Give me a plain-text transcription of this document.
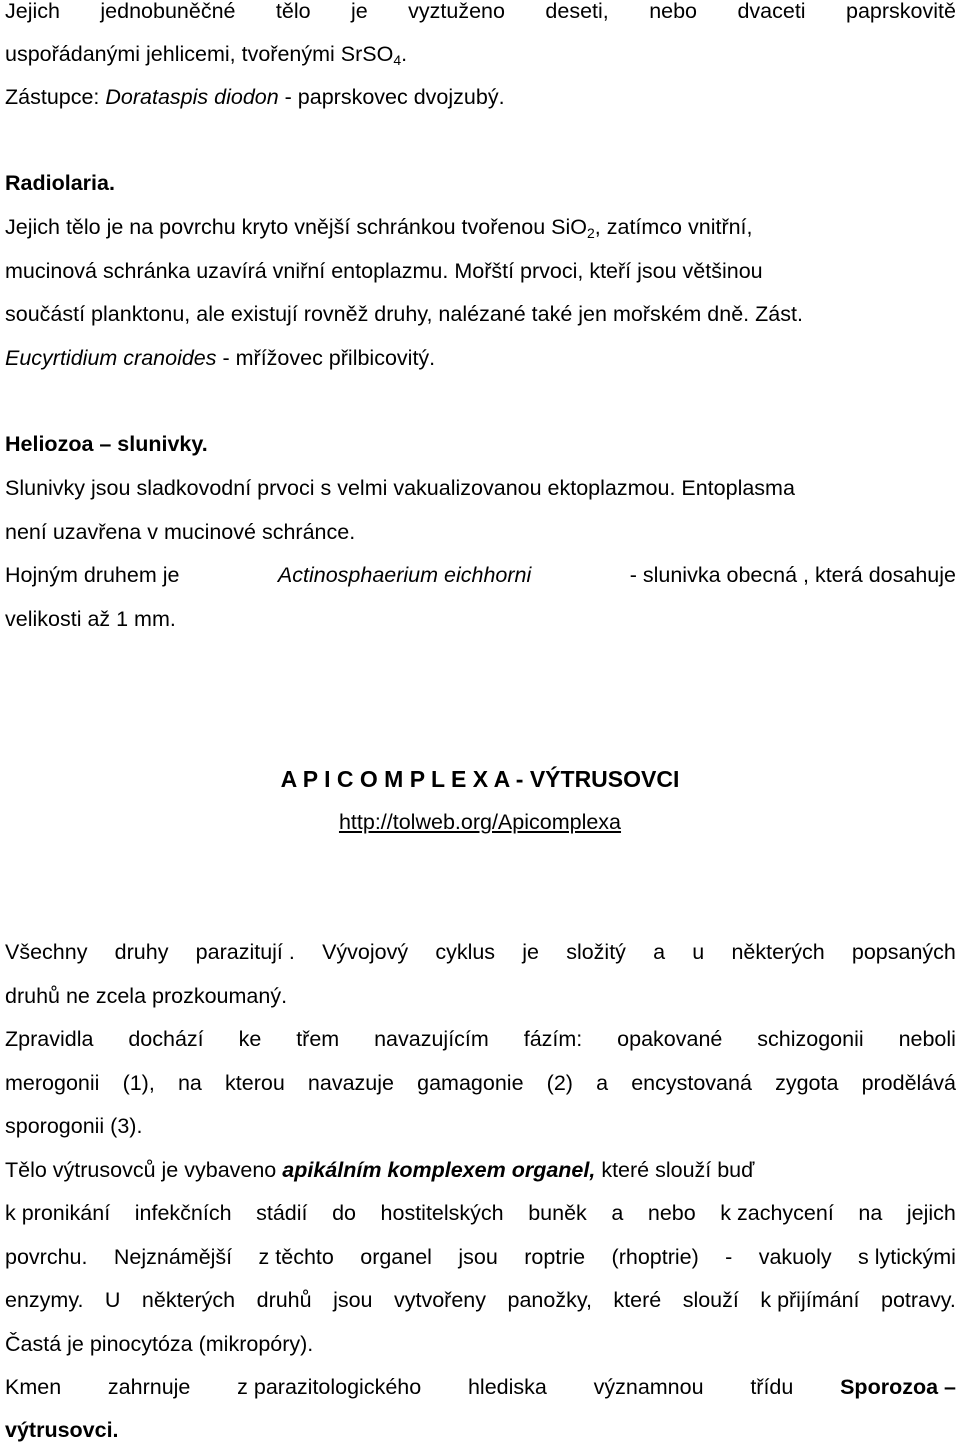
Jejich jednobuněčné tělo je vyztuženo deseti, nebo dvaceti paprskovitě
uspořádanými jehlicemi, tvořenými SrSO$_4$.
Zástupce: Dorataspis diodon - paprskovec dvojzubý.
Radiolaria.
Jejich tělo je na povrchu kryto vnější schránkou tvořenou SiO$_2$, zatímco vnitřní,
mucinová schránka uzavírá vniřní entoplazmu. Mořští prvoci, kteří jsou většinou
součástí planktonu, ale existují rovněž druhy, nalézané také jen mořském dně. Zást.
Eucyrtidium cranoides - mřížovec přilbicovitý.
Heliozoa – slunivky.
Slunivky jsou sladkovodní prvoci s velmi vakualizovanou ektoplazmou. Entoplasma
není uzavřena v mucinové schránce.
Hojným druhem je	Actinosphaerium eichhorni	- slunivka obecná , která dosahuje
velikosti až 1 mm.
A P I C O M P L E X A - VÝTRUSOVCI
http://tolweb.org/Apicomplexa
Všechny druhy parazitují . Vývojový cyklus je složitý a u některých popsaných
druhů ne zcela prozkoumaný.
Zpravidla dochází ke třem navazujícím fázím: opakované schizogonii neboli
merogonii (1), na kterou navazuje gamagonie (2) a encystovaná zygota prodělává
sporogonii (3).
Tělo výtrusovců je vybaveno apikálním komplexem organel, které slouží buď
k pronikání infekčních stádií do hostitelských buněk a nebo k zachycení na jejich
povrchu. Nejznámější z těchto organel jsou roptrie (rhoptrie) - vakuoly s lytickými
enzymy. U některých druhů jsou vytvořeny panožky, které slouží k přijímání potravy.
Častá je pinocytóza (mikropóry).
Kmen zahrnuje z parazitologického hlediska významnou třídu Sporozoa –
výtrusovci.
